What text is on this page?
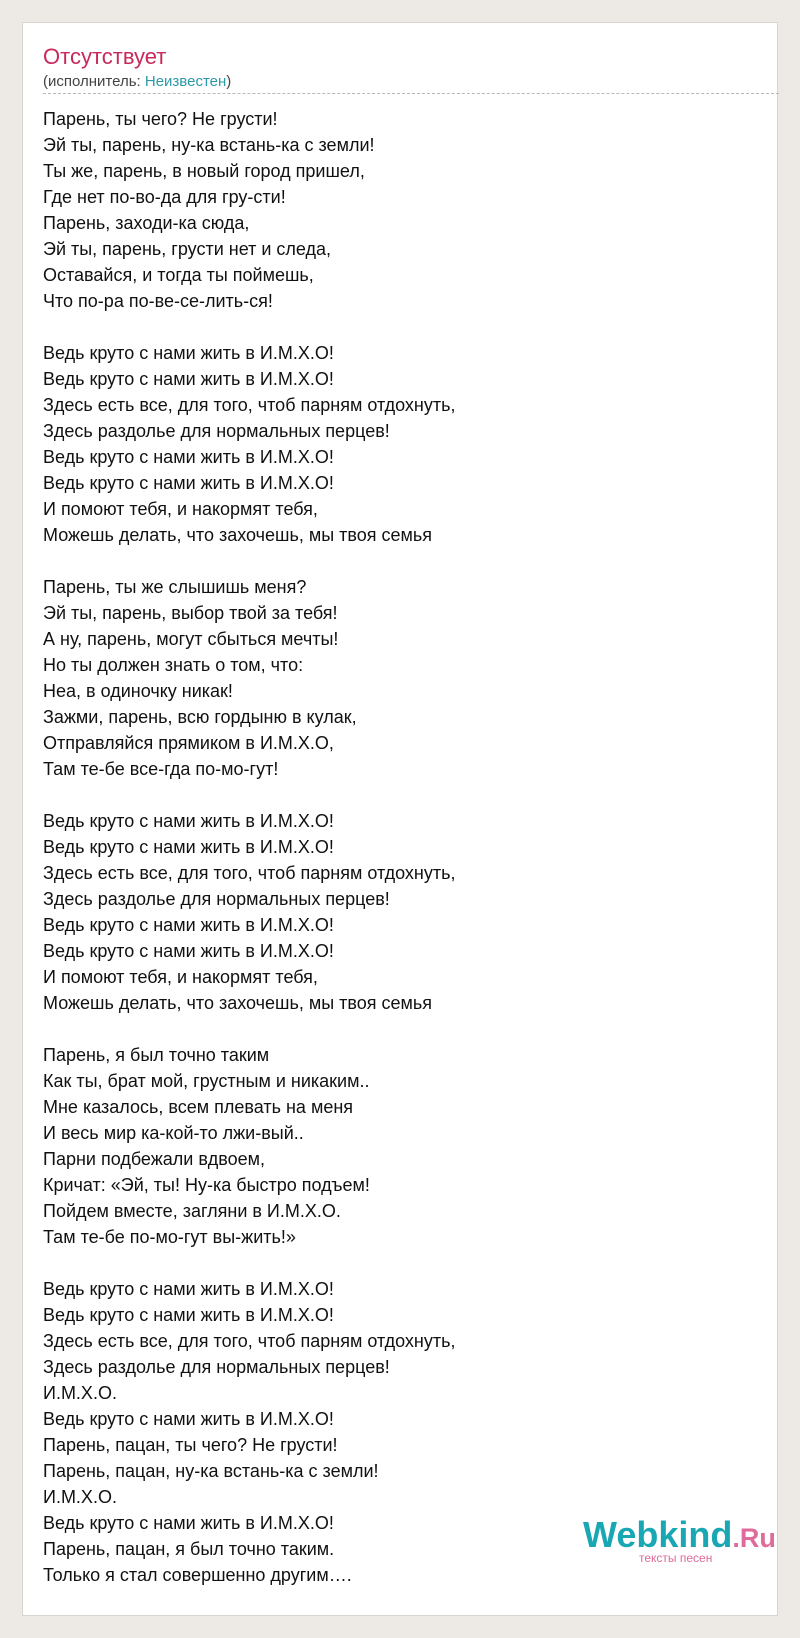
Отсутствует
(исполнитель: Неизвестен)
Парень, ты чего? Не грусти!
Эй ты, парень, ну-ка встань-ка с земли!
Ты же, парень, в новый город пришел,
Где нет по-во-да для гру-сти!
Парень, заходи-ка сюда,
Эй ты, парень, грусти нет и следа,
Оставайся, и тогда ты поймешь,
Что по-ра по-ве-се-лить-ся!
Ведь круто с нами жить в И.М.Х.О!
Ведь круто с нами жить в И.М.Х.О!
Здесь есть все, для того, чтоб парням отдохнуть,
Здесь раздолье для нормальных перцев!
Ведь круто с нами жить в И.М.Х.О!
Ведь круто с нами жить в И.М.Х.О!
И помоют тебя, и накормят тебя,
Можешь делать, что захочешь, мы твоя семья
Парень, ты же слышишь меня?
Эй ты, парень, выбор твой за тебя!
А ну, парень, могут сбыться мечты!
Но ты должен знать о том, что:
Неа, в одиночку никак!
Зажми, парень, всю гордыню в кулак,
Отправляйся прямиком в И.М.Х.О,
Там те-бе все-гда по-мо-гут!
Ведь круто с нами жить в И.М.Х.О!
Ведь круто с нами жить в И.М.Х.О!
Здесь есть все, для того, чтоб парням отдохнуть,
Здесь раздолье для нормальных перцев!
Ведь круто с нами жить в И.М.Х.О!
Ведь круто с нами жить в И.М.Х.О!
И помоют тебя, и накормят тебя,
Можешь делать, что захочешь, мы твоя семья
Парень, я был точно таким
Как ты, брат мой, грустным и никаким..
Мне казалось, всем плевать на меня
И весь мир ка-кой-то лжи-вый..
Парни подбежали вдвоем,
Кричат: «Эй, ты! Ну-ка быстро подъем!
Пойдем вместе, загляни в И.М.Х.О.
Там те-бе по-мо-гут вы-жить!»
Ведь круто с нами жить в И.М.Х.О!
Ведь круто с нами жить в И.М.Х.О!
Здесь есть все, для того, чтоб парням отдохнуть,
Здесь раздолье для нормальных перцев!
И.М.Х.О.
Ведь круто с нами жить в И.М.Х.О!
Парень, пацан, ты чего? Не грусти!
Парень, пацан, ну-ка встань-ка с земли!
И.М.Х.О.
Ведь круто с нами жить в И.М.Х.О!
Парень, пацан, я был точно таким.
Только я стал совершенно другим….
Webkind.Ru
тексты песен
